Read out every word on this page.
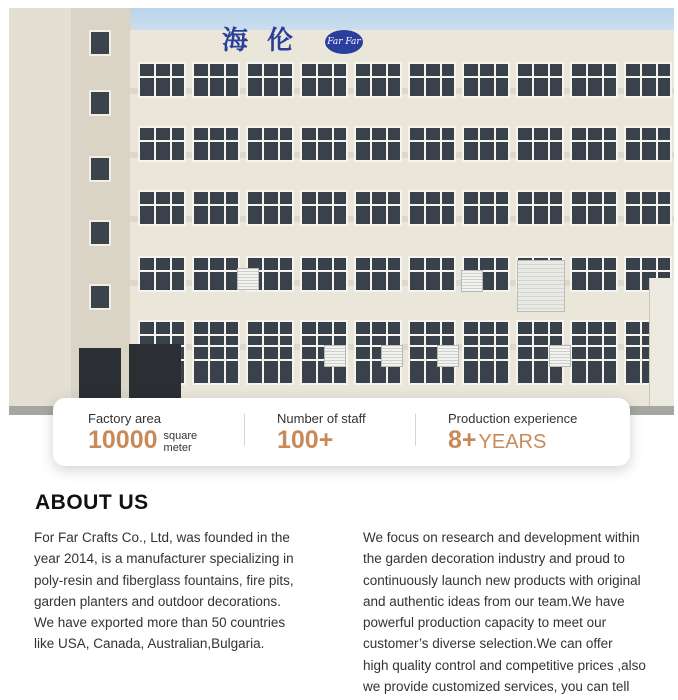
海 伦	Far Far
Factory area
10000 square
meter
Number of staff
100+
Production experience
8+ YEARS
ABOUT US
For Far Crafts Co., Ltd, was founded in the
year 2014, is a manufacturer specializing in
poly-resin and fiberglass fountains, fire pits,
garden planters and outdoor decorations.
We have exported more than 50 countries
like USA, Canada, Australian,Bulgaria.
We focus on research and development within
the garden decoration industry and proud to
continuously launch new products with original
and authentic ideas from our team.We have
powerful production capacity to meet our
customer’s diverse selection.We can offer
high quality control and competitive prices ,also
we provide customized services, you can tell
